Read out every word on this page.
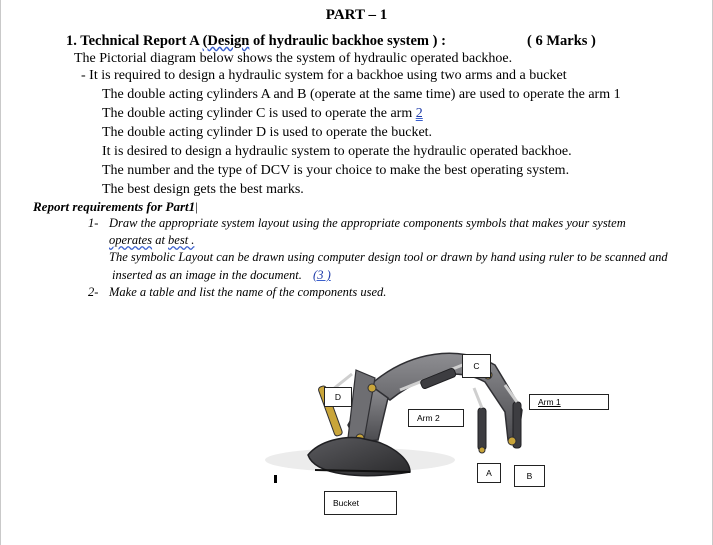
PART – 1
1. Technical Report A (Design of hydraulic backhoe system ) :	( 6 Marks )
The Pictorial diagram below shows the system of hydraulic operated backhoe.
- It is required to design a hydraulic system for a backhoe using two arms and a bucket
The double acting cylinders A and B (operate at the same time) are used to operate the arm 1
The double acting cylinder C is used to operate the arm 2
The double acting cylinder D is used to operate the bucket.
It is desired to design a hydraulic system to operate the hydraulic operated backhoe.
The number and the type of DCV is your choice to make the best operating system.
The best design gets the best marks.
Report requirements for Part1|
1- Draw the appropriate system layout using the appropriate components symbols that makes your system
operates at best .
The symbolic Layout can be drawn using computer design tool or drawn by hand using ruler to be scanned and
inserted as an image in the document. (3 )
2- Make a table and list the name of the components used.
C
D	Arm 1
Arm 2
A	B
Bucket
